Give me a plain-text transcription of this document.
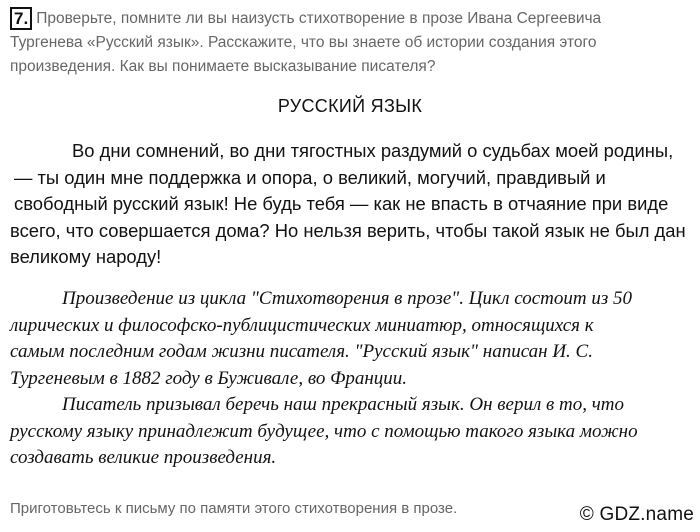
7. Проверьте, помните ли вы наизусть стихотворение в прозе Ивана Сергеевича
Тургенева «Русский язык». Расскажите, что вы знаете об истории создания этого
произведения. Как вы понимаете высказывание писателя?
РУССКИЙ ЯЗЫК
Во дни сомнений, во дни тягостных раздумий о судьбах моей родины,
— ты один мне поддержка и опора, о великий, могучий, правдивый и
свободный русский язык! Не будь тебя — как не впасть в отчаяние при виде
всего, что совершается дома? Но нельзя верить, чтобы такой язык не был дан
великому народу!
Произведение из цикла "Стихотворения в прозе". Цикл состоит из 50
лирических и философско-публицистических миниатюр, относящихся к
самым последним годам жизни писателя. "Русский язык" написан И. С.
Тургеневым в 1882 году в Буживале, во Франции.
Писатель призывал беречь наш прекрасный язык. Он верил в то, что
русскому языку принадлежит будущее, что с помощью такого языка можно
создавать великие произведения.
Приготовьтесь к письму по памяти этого стихотворения в прозе.	© GDZ.name
